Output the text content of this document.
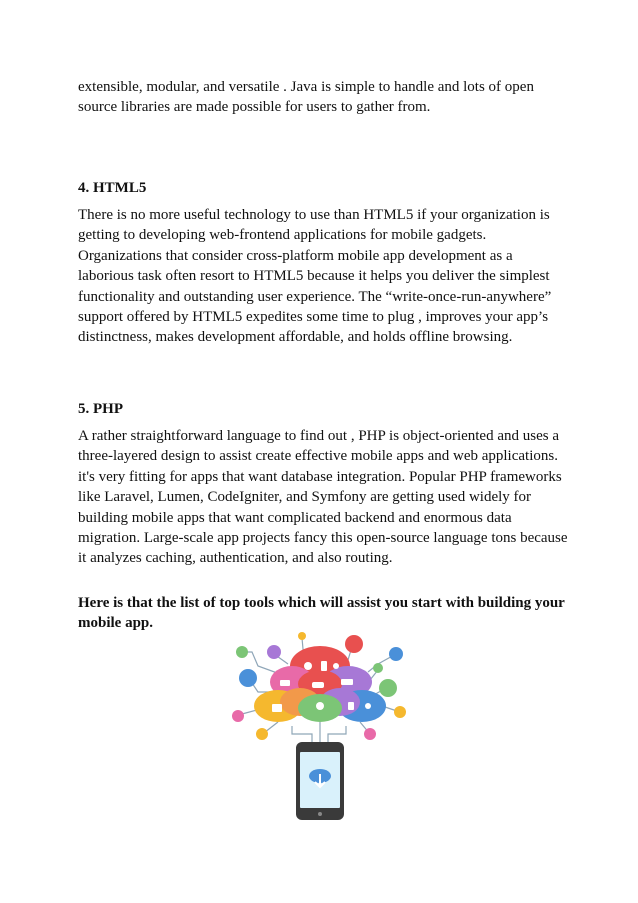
extensible, modular, and versatile . Java is simple to handle and lots of open source libraries are made possible for users to gather from.

4. HTML5

There is no more useful technology to use than HTML5 if your organization is getting to developing web-frontend applications for mobile gadgets. Organizations that consider cross-platform mobile app development as a laborious task often resort to HTML5 because it helps you deliver the simplest functionality and outstanding user experience. The “write-once-run-anywhere” support offered by HTML5 expedites some time to plug , improves your app’s distinctness, makes development affordable, and holds offline browsing.

5. PHP

A rather straightforward language to find out , PHP is object-oriented and uses a three-layered design to assist create effective mobile apps and web applications. it's very fitting for apps that want database integration. Popular PHP frameworks like Laravel, Lumen, CodeIgniter, and Symfony are getting used widely for building mobile apps that want complicated backend and enormous data migration. Large-scale app projects fancy this open-source language tons because it analyzes caching, authentication, and also routing.

Here is that the list of top tools which will assist you start with building your mobile app.
